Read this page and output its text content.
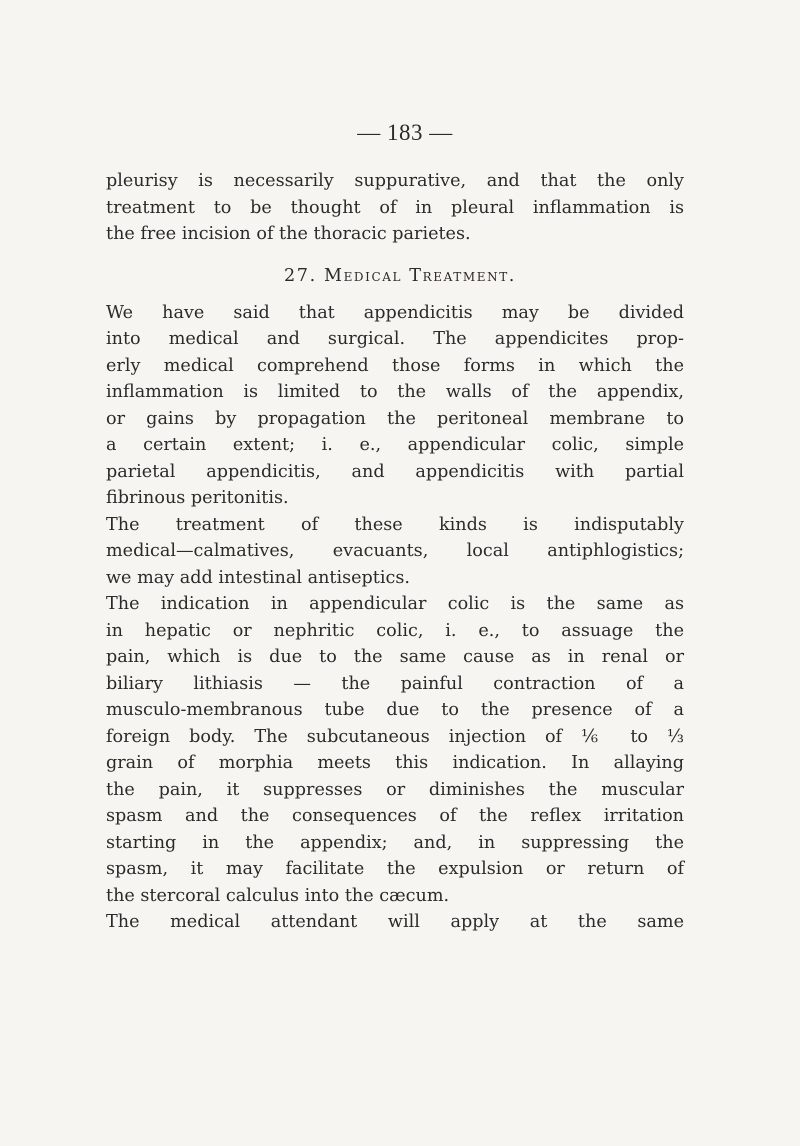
— 183 —
pleurisy is necessarily suppurative, and that the only
treatment to be thought of in pleural inflammation is
the free incision of the thoracic parietes.
27. Medical Treatment.
We have said that appendicitis may be divided
into medical and surgical. The appendicites prop-
erly medical comprehend those forms in which the
inflammation is limited to the walls of the appendix,
or gains by propagation the peritoneal membrane to
a certain extent; i. e., appendicular colic, simple
parietal appendicitis, and appendicitis with partial
fibrinous peritonitis.
The treatment of these kinds is indisputably
medical—calmatives, evacuants, local antiphlogistics;
we may add intestinal antiseptics.
The indication in appendicular colic is the same as
in hepatic or nephritic colic, i. e., to assuage the
pain, which is due to the same cause as in renal or
biliary lithiasis — the painful contraction of a
musculo-membranous tube due to the presence of a
foreign body. The subcutaneous injection of ⅙ to ⅓
grain of morphia meets this indication. In allaying
the pain, it suppresses or diminishes the muscular
spasm and the consequences of the reflex irritation
starting in the appendix; and, in suppressing the
spasm, it may facilitate the expulsion or return of
the stercoral calculus into the cæcum.
The medical attendant will apply at the same
